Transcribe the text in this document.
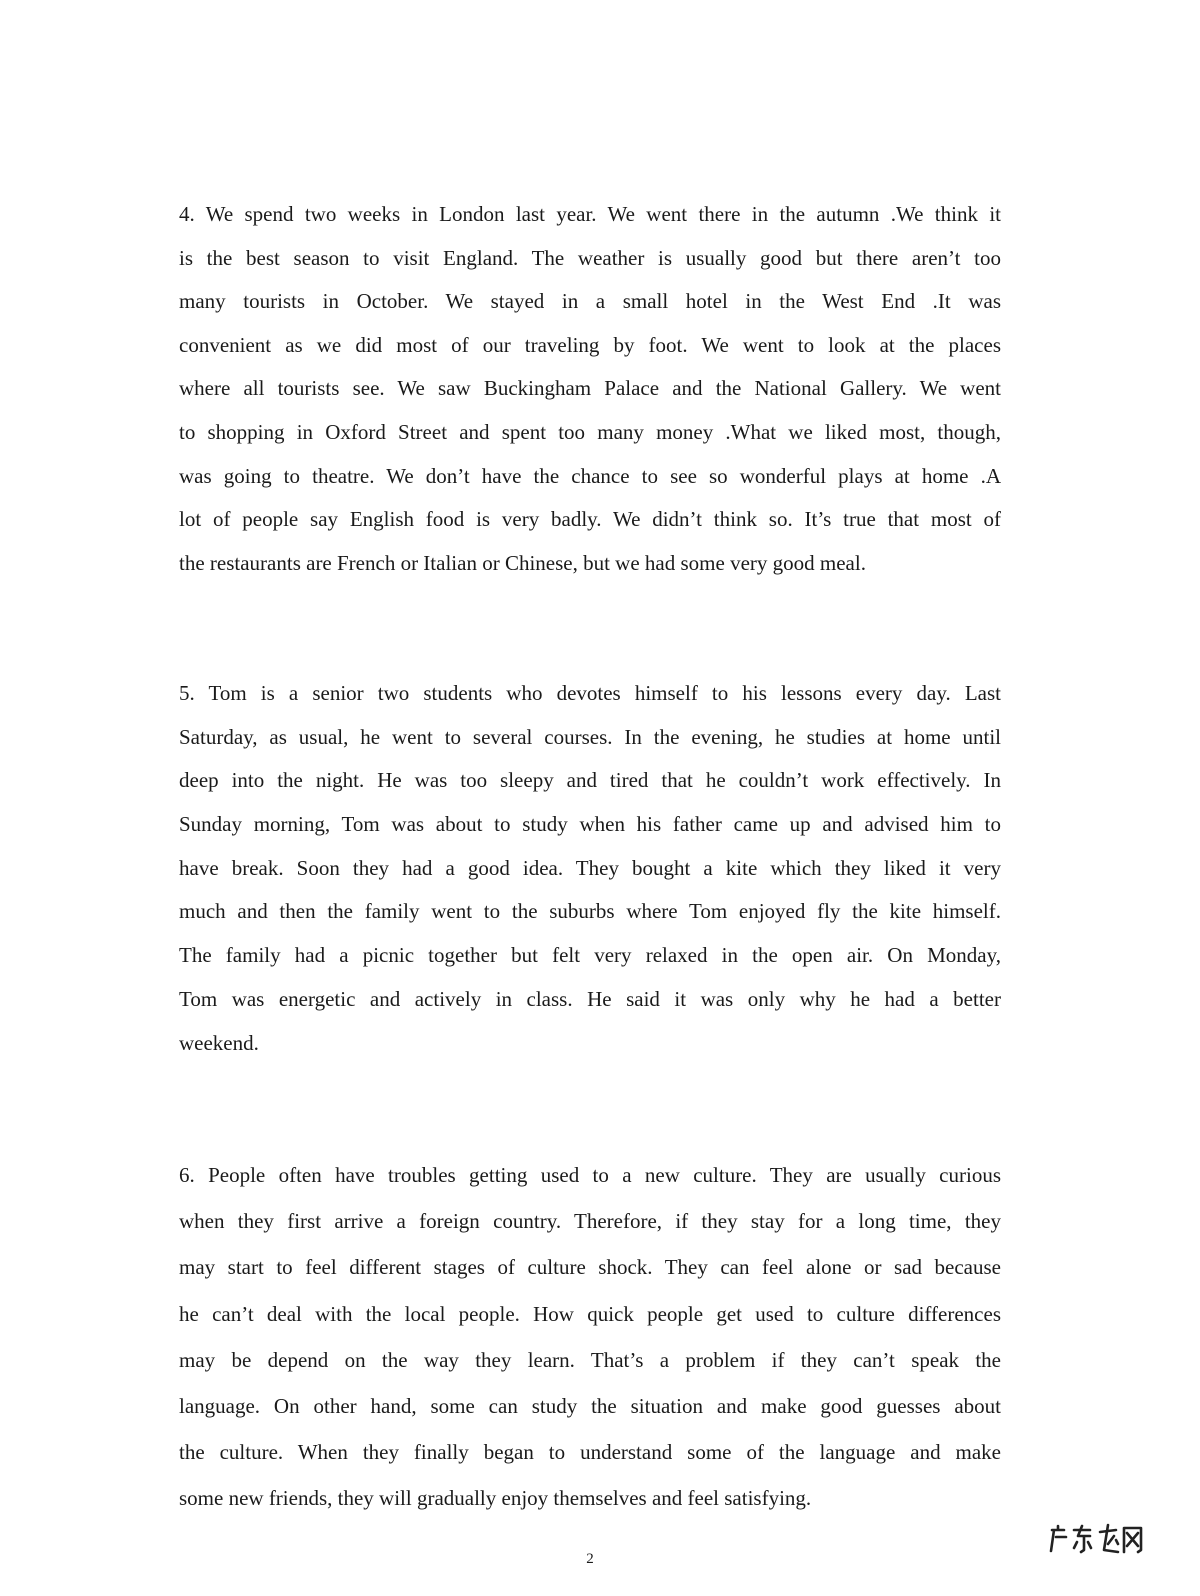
4. We spend two weeks in London last year. We went there in the autumn .We think it
is the best season to visit England. The weather is usually good but there aren’t too
many tourists in October. We stayed in a small hotel in the West End .It was
convenient as we did most of our traveling by foot. We went to look at the places
where all tourists see. We saw Buckingham Palace and the National Gallery. We went
to shopping in Oxford Street and spent too many money .What we liked most, though,
was going to theatre. We don’t have the chance to see so wonderful plays at home .A
lot of people say English food is very badly. We didn’t think so. It’s true that most of
the restaurants are French or Italian or Chinese, but we had some very good meal.
5. Tom is a senior two students who devotes himself to his lessons every day. Last
Saturday, as usual, he went to several courses. In the evening, he studies at home until
deep into the night. He was too sleepy and tired that he couldn’t work effectively. In
Sunday morning, Tom was about to study when his father came up and advised him to
have break. Soon they had a good idea. They bought a kite which they liked it very
much and then the family went to the suburbs where Tom enjoyed fly the kite himself.
The family had a picnic together but felt very relaxed in the open air. On Monday,
Tom was energetic and actively in class. He said it was only why he had a better
weekend.
6. People often have troubles getting used to a new culture. They are usually curious
when they first arrive a foreign country. Therefore, if they stay for a long time, they
may start to feel different stages of culture shock. They can feel alone or sad because
he can’t deal with the local people. How quick people get used to culture differences
may be depend on the way they learn. That’s a problem if they can’t speak the
language. On other hand, some can study the situation and make good guesses about
the culture. When they finally began to understand some of the language and make
some new friends, they will gradually enjoy themselves and feel satisfying.
2
